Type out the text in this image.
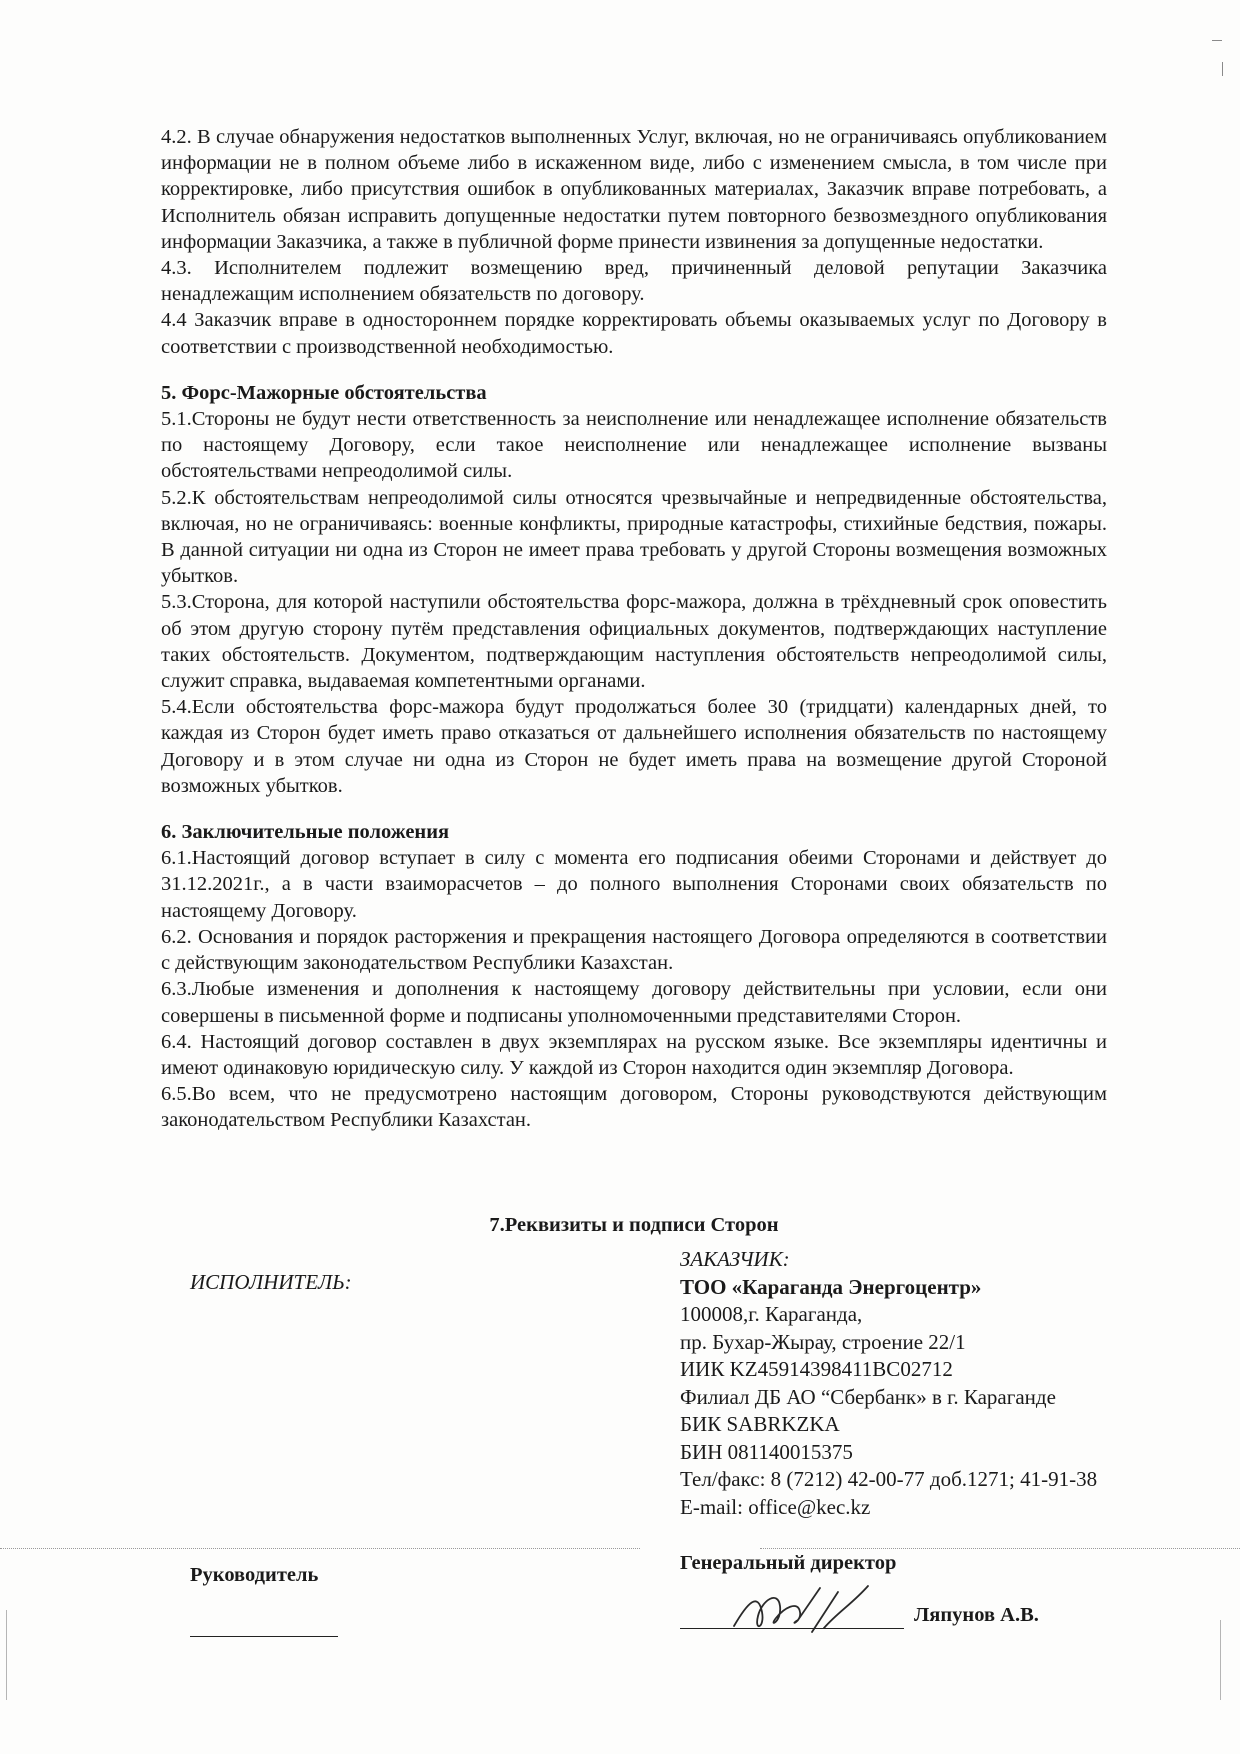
4.2. В случае обнаружения недостатков выполненных Услуг, включая, но не ограничиваясь опубликованием информации не в полном объеме либо в искаженном виде, либо с изменением смысла, в том числе при корректировке, либо присутствия ошибок в опубликованных материалах, Заказчик вправе потребовать, а Исполнитель обязан исправить допущенные недостатки путем повторного безвозмездного опубликования информации Заказчика, а также в публичной форме принести извинения за допущенные недостатки.

4.3. Исполнителем подлежит возмещению вред, причиненный деловой репутации Заказчика ненадлежащим исполнением обязательств по договору.

4.4 Заказчик вправе в одностороннем порядке корректировать объемы оказываемых услуг по Договору в соответствии с производственной необходимостью.

5. Форс-Мажорные обстоятельства

5.1.Стороны не будут нести ответственность за неисполнение или ненадлежащее исполнение обязательств по настоящему Договору, если такое неисполнение или ненадлежащее исполнение вызваны обстоятельствами непреодолимой силы.

5.2.К обстоятельствам непреодолимой силы относятся чрезвычайные и непредвиденные обстоятельства, включая, но не ограничиваясь: военные конфликты, природные катастрофы, стихийные бедствия, пожары. В данной ситуации ни одна из Сторон не имеет права требовать у другой Стороны возмещения возможных убытков.

5.3.Сторона, для которой наступили обстоятельства форс-мажора, должна в трёхдневный срок оповестить об этом другую сторону путём представления официальных документов, подтверждающих наступление таких обстоятельств. Документом, подтверждающим наступления обстоятельств непреодолимой силы, служит справка, выдаваемая компетентными органами.

5.4.Если обстоятельства форс-мажора будут продолжаться более 30 (тридцати) календарных дней, то каждая из Сторон будет иметь право отказаться от дальнейшего исполнения обязательств по настоящему Договору и в этом случае ни одна из Сторон не будет иметь права на возмещение другой Стороной возможных убытков.

6. Заключительные положения

6.1.Настоящий договор вступает в силу с момента его подписания обеими Сторонами и действует до 31.12.2021г., а в части взаиморасчетов – до полного выполнения Сторонами своих обязательств по настоящему Договору.

6.2. Основания и порядок расторжения и прекращения настоящего Договора определяются в соответствии с действующим законодательством Республики Казахстан.

6.3.Любые изменения и дополнения к настоящему договору действительны при условии, если они совершены в письменной форме и подписаны уполномоченными представителями Сторон.

6.4. Настоящий договор составлен в двух экземплярах на русском языке. Все экземпляры идентичны и имеют одинаковую юридическую силу. У каждой из Сторон находится один экземпляр Договора.

6.5.Во всем, что не предусмотрено настоящим договором, Стороны руководствуются действующим законодательством Республики Казахстан.

7.Реквизиты и подписи Сторон
ИСПОЛНИТЕЛЬ:
ЗАКАЗЧИК:
ТОО «Караганда Энергоцентр»
100008,г. Караганда,
пр. Бухар-Жырау, строение 22/1
ИИК KZ45914398411BC02712
Филиал ДБ АО “Сбербанк» в г. Караганде
БИК SABRKZKA
БИН 081140015375
Тел/факс: 8 (7212) 42-00-77 доб.1271; 41-91-38
E-mail: office@kec.kz
Руководитель
Генеральный директор
Ляпунов А.В.
